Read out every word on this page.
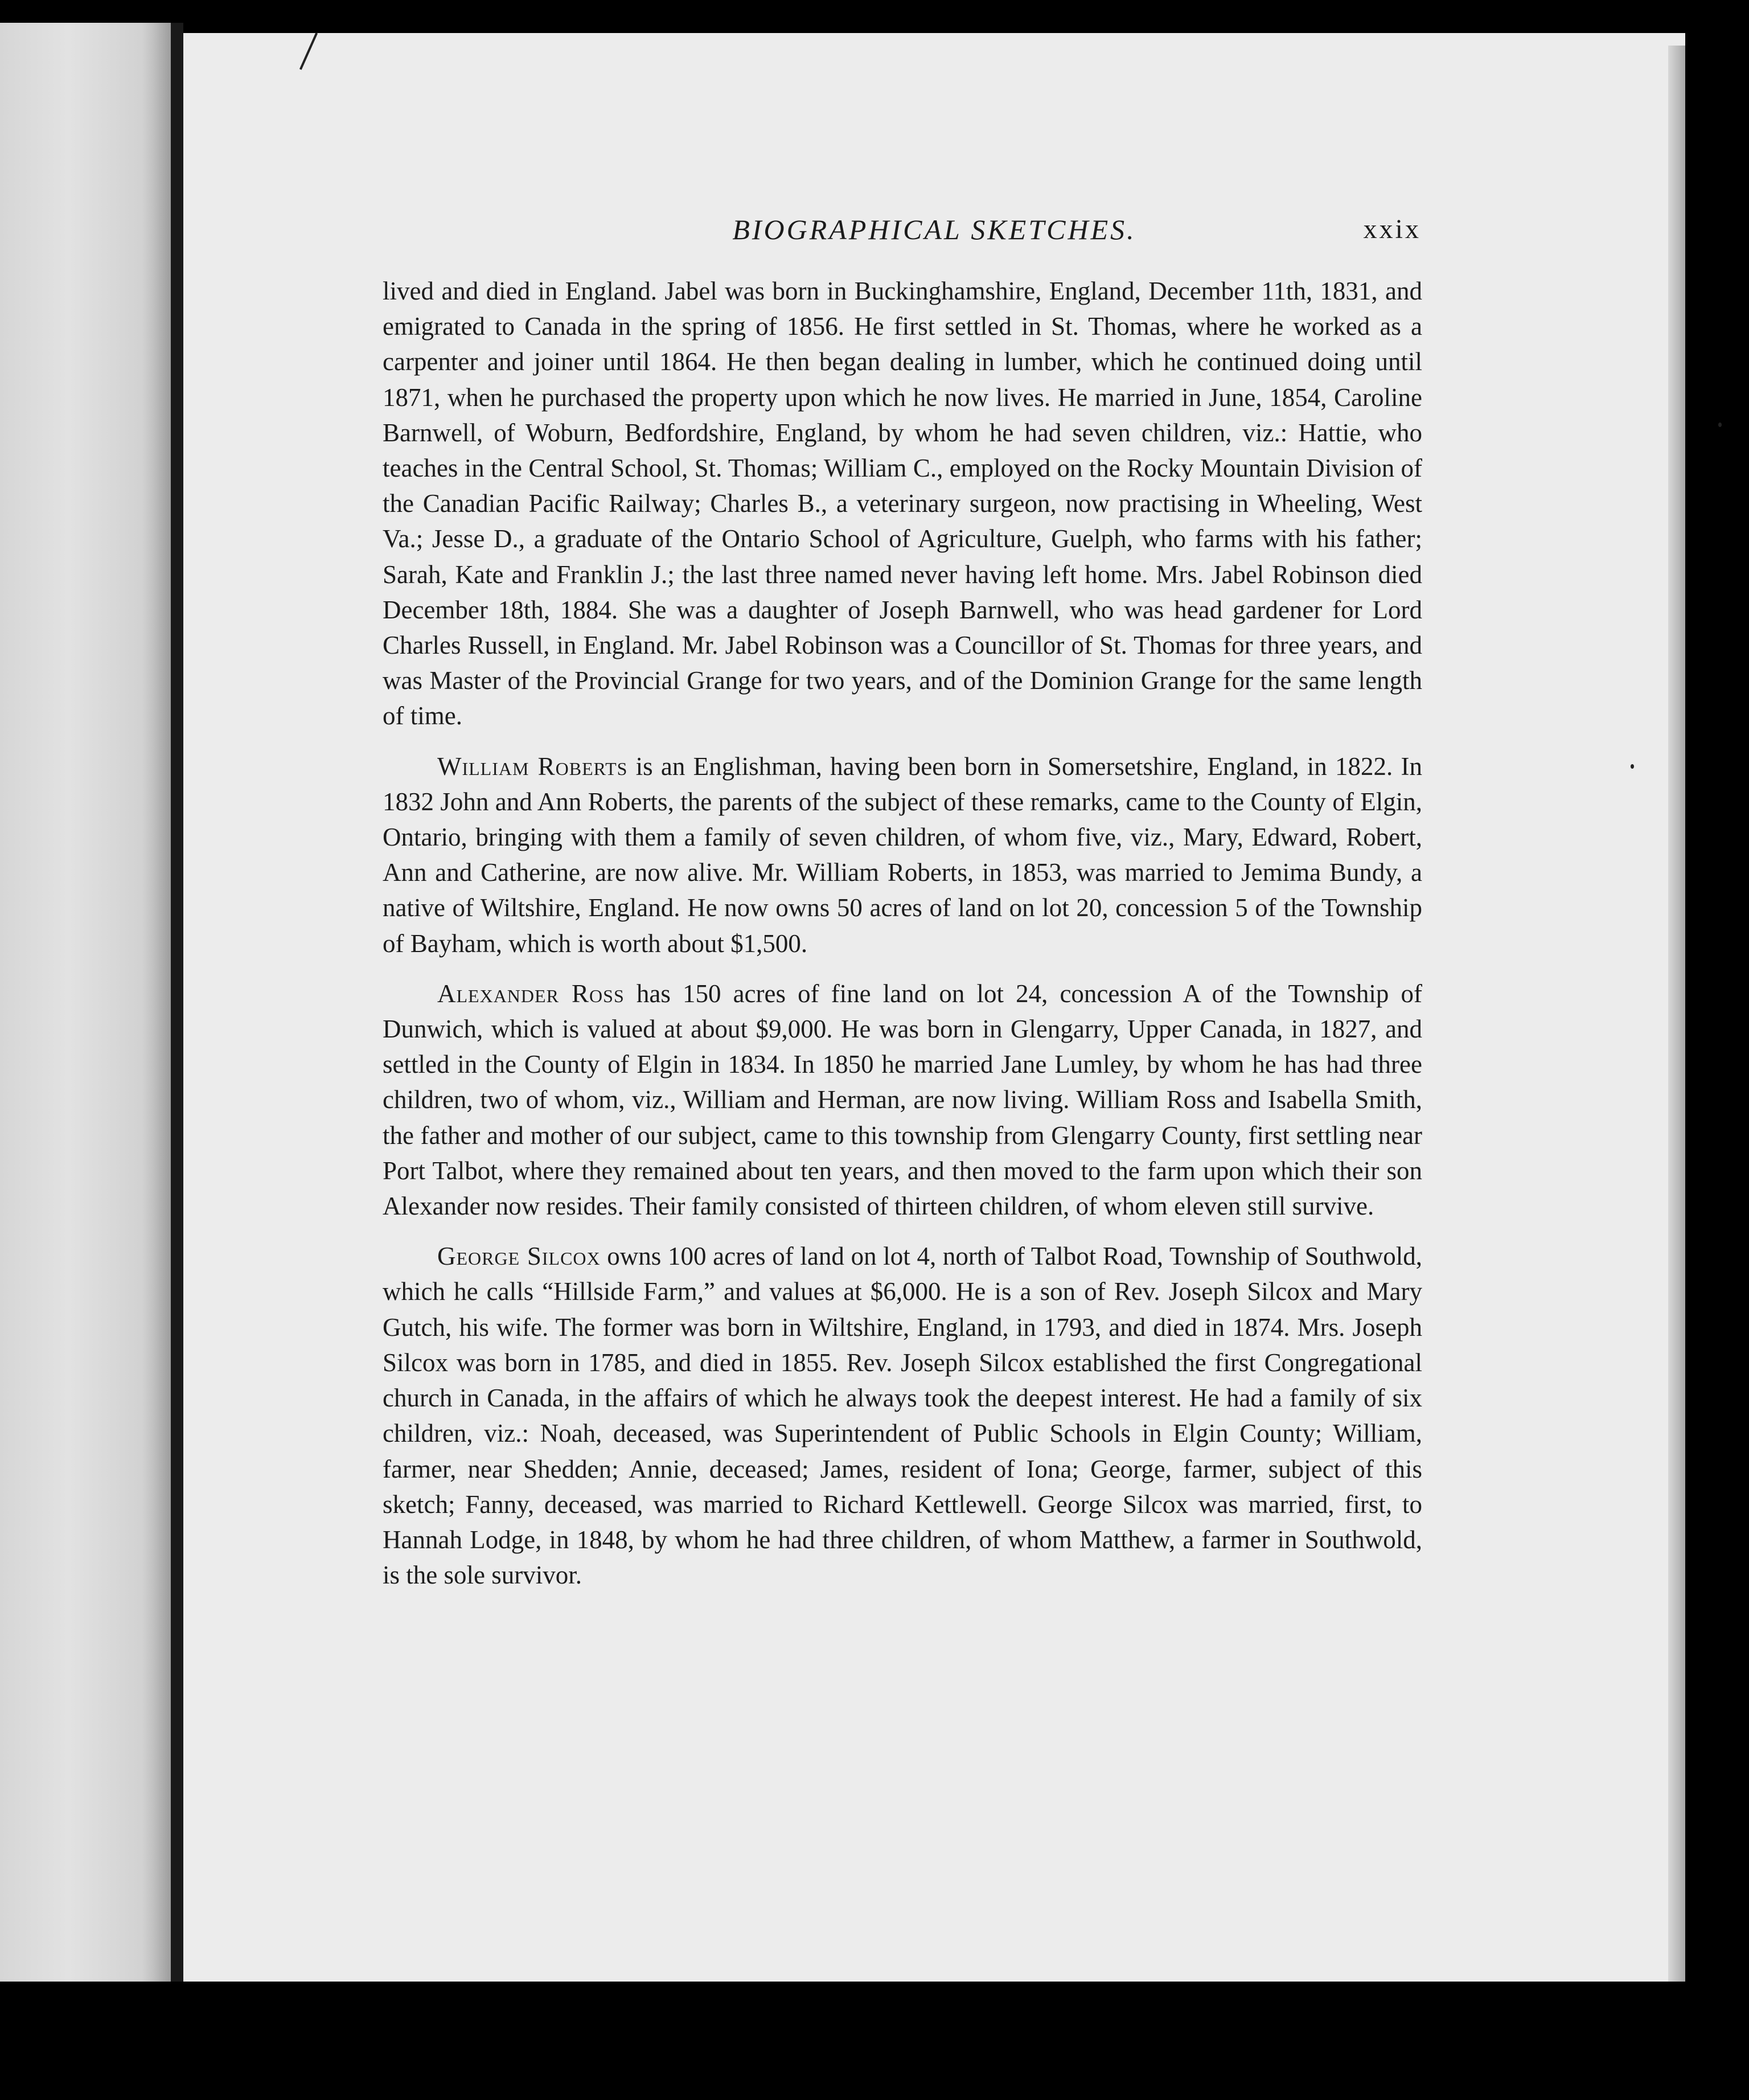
BIOGRAPHICAL SKETCHES.	xxix

lived and died in England. Jabel was born in Buckinghamshire, England, December 11th, 1831, and emigrated to Canada in the spring of 1856. He first settled in St. Thomas, where he worked as a carpenter and joiner until 1864. He then began dealing in lumber, which he continued doing until 1871, when he purchased the property upon which he now lives. He married in June, 1854, Caroline Barnwell, of Woburn, Bedfordshire, England, by whom he had seven children, viz.: Hattie, who teaches in the Central School, St. Thomas; William C., employed on the Rocky Mountain Division of the Canadian Pacific Railway; Charles B., a veterinary surgeon, now practising in Wheeling, West Va.; Jesse D., a graduate of the Ontario School of Agriculture, Guelph, who farms with his father; Sarah, Kate and Franklin J.; the last three named never having left home. Mrs. Jabel Robinson died December 18th, 1884. She was a daughter of Joseph Barnwell, who was head gardener for Lord Charles Russell, in England. Mr. Jabel Robinson was a Councillor of St. Thomas for three years, and was Master of the Provincial Grange for two years, and of the Dominion Grange for the same length of time.

William Roberts is an Englishman, having been born in Somersetshire, England, in 1822. In 1832 John and Ann Roberts, the parents of the subject of these remarks, came to the County of Elgin, Ontario, bringing with them a family of seven children, of whom five, viz., Mary, Edward, Robert, Ann and Catherine, are now alive. Mr. William Roberts, in 1853, was married to Jemima Bundy, a native of Wiltshire, England. He now owns 50 acres of land on lot 20, concession 5 of the Township of Bayham, which is worth about $1,500.

Alexander Ross has 150 acres of fine land on lot 24, concession A of the Township of Dunwich, which is valued at about $9,000. He was born in Glengarry, Upper Canada, in 1827, and settled in the County of Elgin in 1834. In 1850 he married Jane Lumley, by whom he has had three children, two of whom, viz., William and Herman, are now living. William Ross and Isabella Smith, the father and mother of our subject, came to this township from Glengarry County, first settling near Port Talbot, where they remained about ten years, and then moved to the farm upon which their son Alexander now resides. Their family consisted of thirteen children, of whom eleven still survive.

George Silcox owns 100 acres of land on lot 4, north of Talbot Road, Township of Southwold, which he calls “Hillside Farm,” and values at $6,000. He is a son of Rev. Joseph Silcox and Mary Gutch, his wife. The former was born in Wiltshire, England, in 1793, and died in 1874. Mrs. Joseph Silcox was born in 1785, and died in 1855. Rev. Joseph Silcox established the first Congregational church in Canada, in the affairs of which he always took the deepest interest. He had a family of six children, viz.: Noah, deceased, was Superintendent of Public Schools in Elgin County; William, farmer, near Shedden; Annie, deceased; James, resident of Iona; George, farmer, subject of this sketch; Fanny, deceased, was married to Richard Kettlewell. George Silcox was married, first, to Hannah Lodge, in 1848, by whom he had three children, of whom Matthew, a farmer in Southwold, is the sole survivor.
